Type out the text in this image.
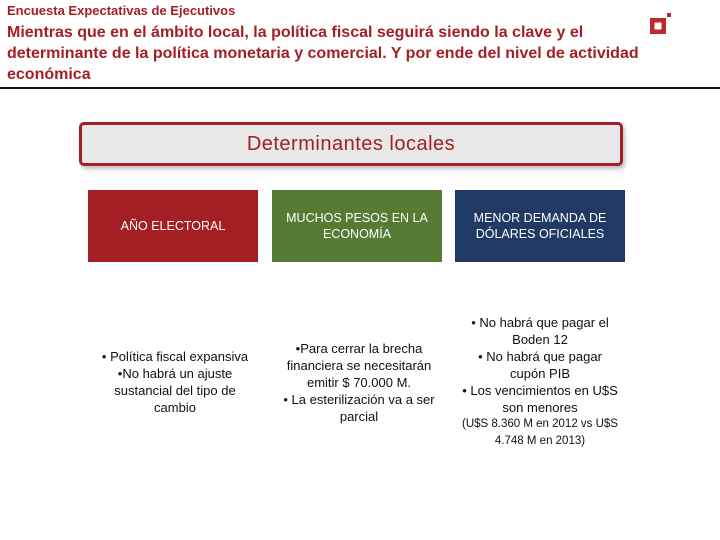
Encuesta Expectativas de Ejecutivos
Mientras que en el ámbito local, la política fiscal seguirá siendo la clave y el determinante de la política monetaria y comercial. Y por ende del nivel de actividad económica
Determinantes locales
AÑO ELECTORAL
MUCHOS PESOS EN LA ECONOMÍA
MENOR DEMANDA DE DÓLARES OFICIALES
• Política fiscal expansiva
•No habrá un ajuste sustancial del tipo de cambio
•Para cerrar la brecha financiera se necesitarán emitir $ 70.000 M.
• La esterilización va a ser parcial
• No habrá que pagar el Boden 12
• No habrá que pagar cupón PIB
• Los vencimientos en U$S son menores
(U$S 8.360 M en 2012 vs U$S 4.748 M en 2013)
